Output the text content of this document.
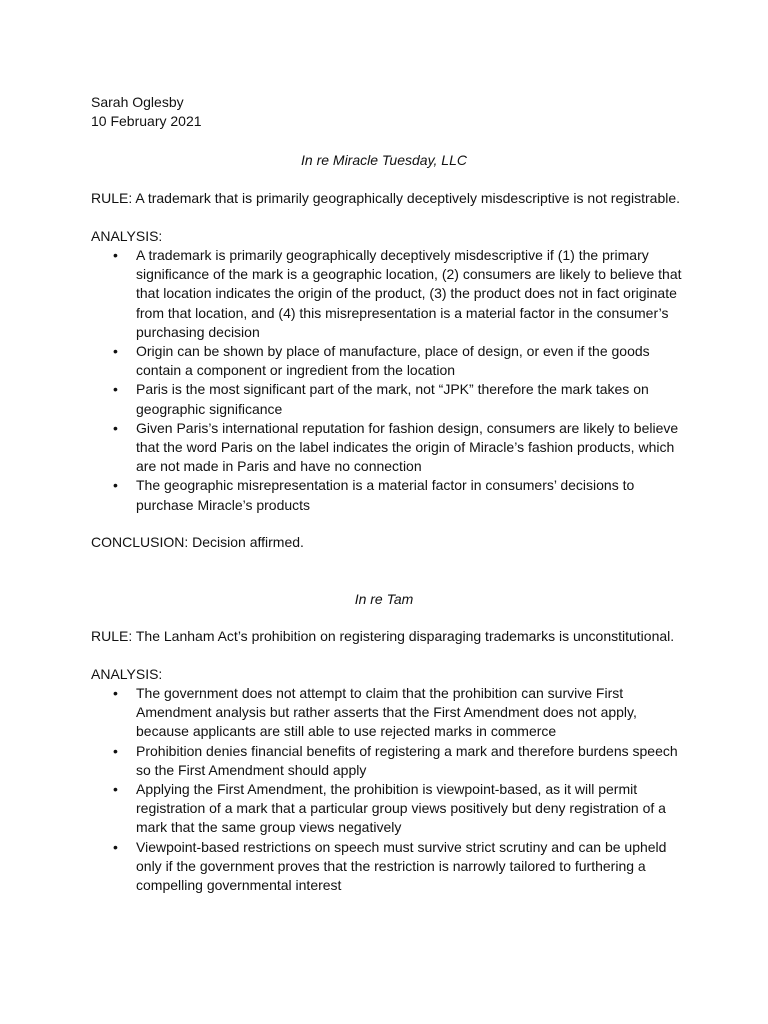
Sarah Oglesby
10 February 2021
In re Miracle Tuesday, LLC
RULE: A trademark that is primarily geographically deceptively misdescriptive is not registrable.
ANALYSIS:
• A trademark is primarily geographically deceptively misdescriptive if (1) the primary significance of the mark is a geographic location, (2) consumers are likely to believe that that location indicates the origin of the product, (3) the product does not in fact originate from that location, and (4) this misrepresentation is a material factor in the consumer’s purchasing decision
• Origin can be shown by place of manufacture, place of design, or even if the goods contain a component or ingredient from the location
• Paris is the most significant part of the mark, not “JPK” therefore the mark takes on geographic significance
• Given Paris’s international reputation for fashion design, consumers are likely to believe that the word Paris on the label indicates the origin of Miracle’s fashion products, which are not made in Paris and have no connection
• The geographic misrepresentation is a material factor in consumers’ decisions to purchase Miracle’s products
CONCLUSION: Decision affirmed.
In re Tam
RULE: The Lanham Act’s prohibition on registering disparaging trademarks is unconstitutional.
ANALYSIS:
• The government does not attempt to claim that the prohibition can survive First Amendment analysis but rather asserts that the First Amendment does not apply, because applicants are still able to use rejected marks in commerce
• Prohibition denies financial benefits of registering a mark and therefore burdens speech so the First Amendment should apply
• Applying the First Amendment, the prohibition is viewpoint-based, as it will permit registration of a mark that a particular group views positively but deny registration of a mark that the same group views negatively
• Viewpoint-based restrictions on speech must survive strict scrutiny and can be upheld only if the government proves that the restriction is narrowly tailored to furthering a compelling governmental interest
